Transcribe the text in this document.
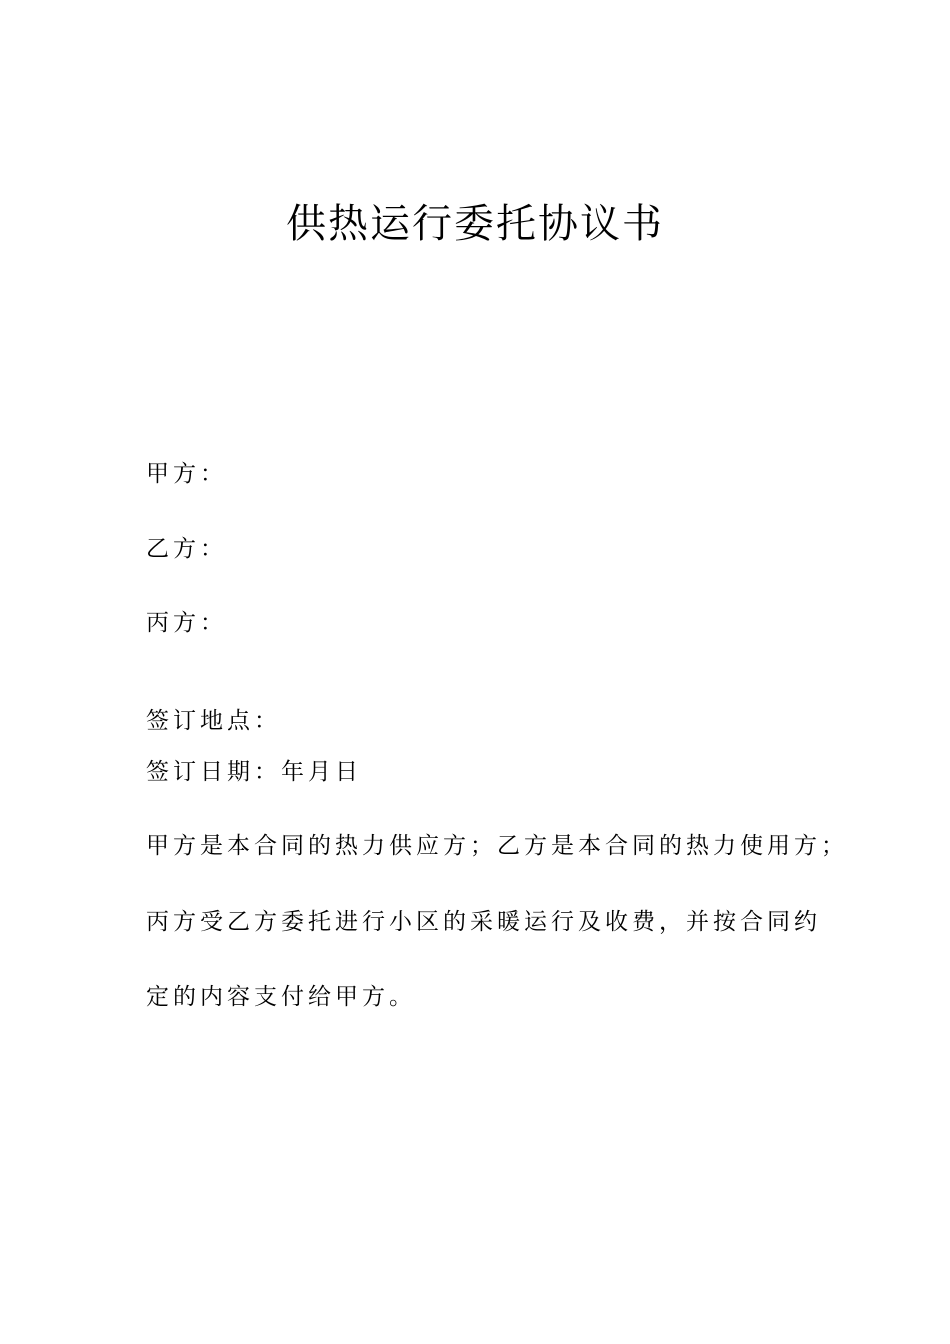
供热运行委托协议书
甲方：
乙方：
丙方：
签订地点：
签订日期：年月日
甲方是本合同的热力供应方；乙方是本合同的热力使用方；
丙方受乙方委托进行小区的采暖运行及收费，并按合同约
定的内容支付给甲方。
